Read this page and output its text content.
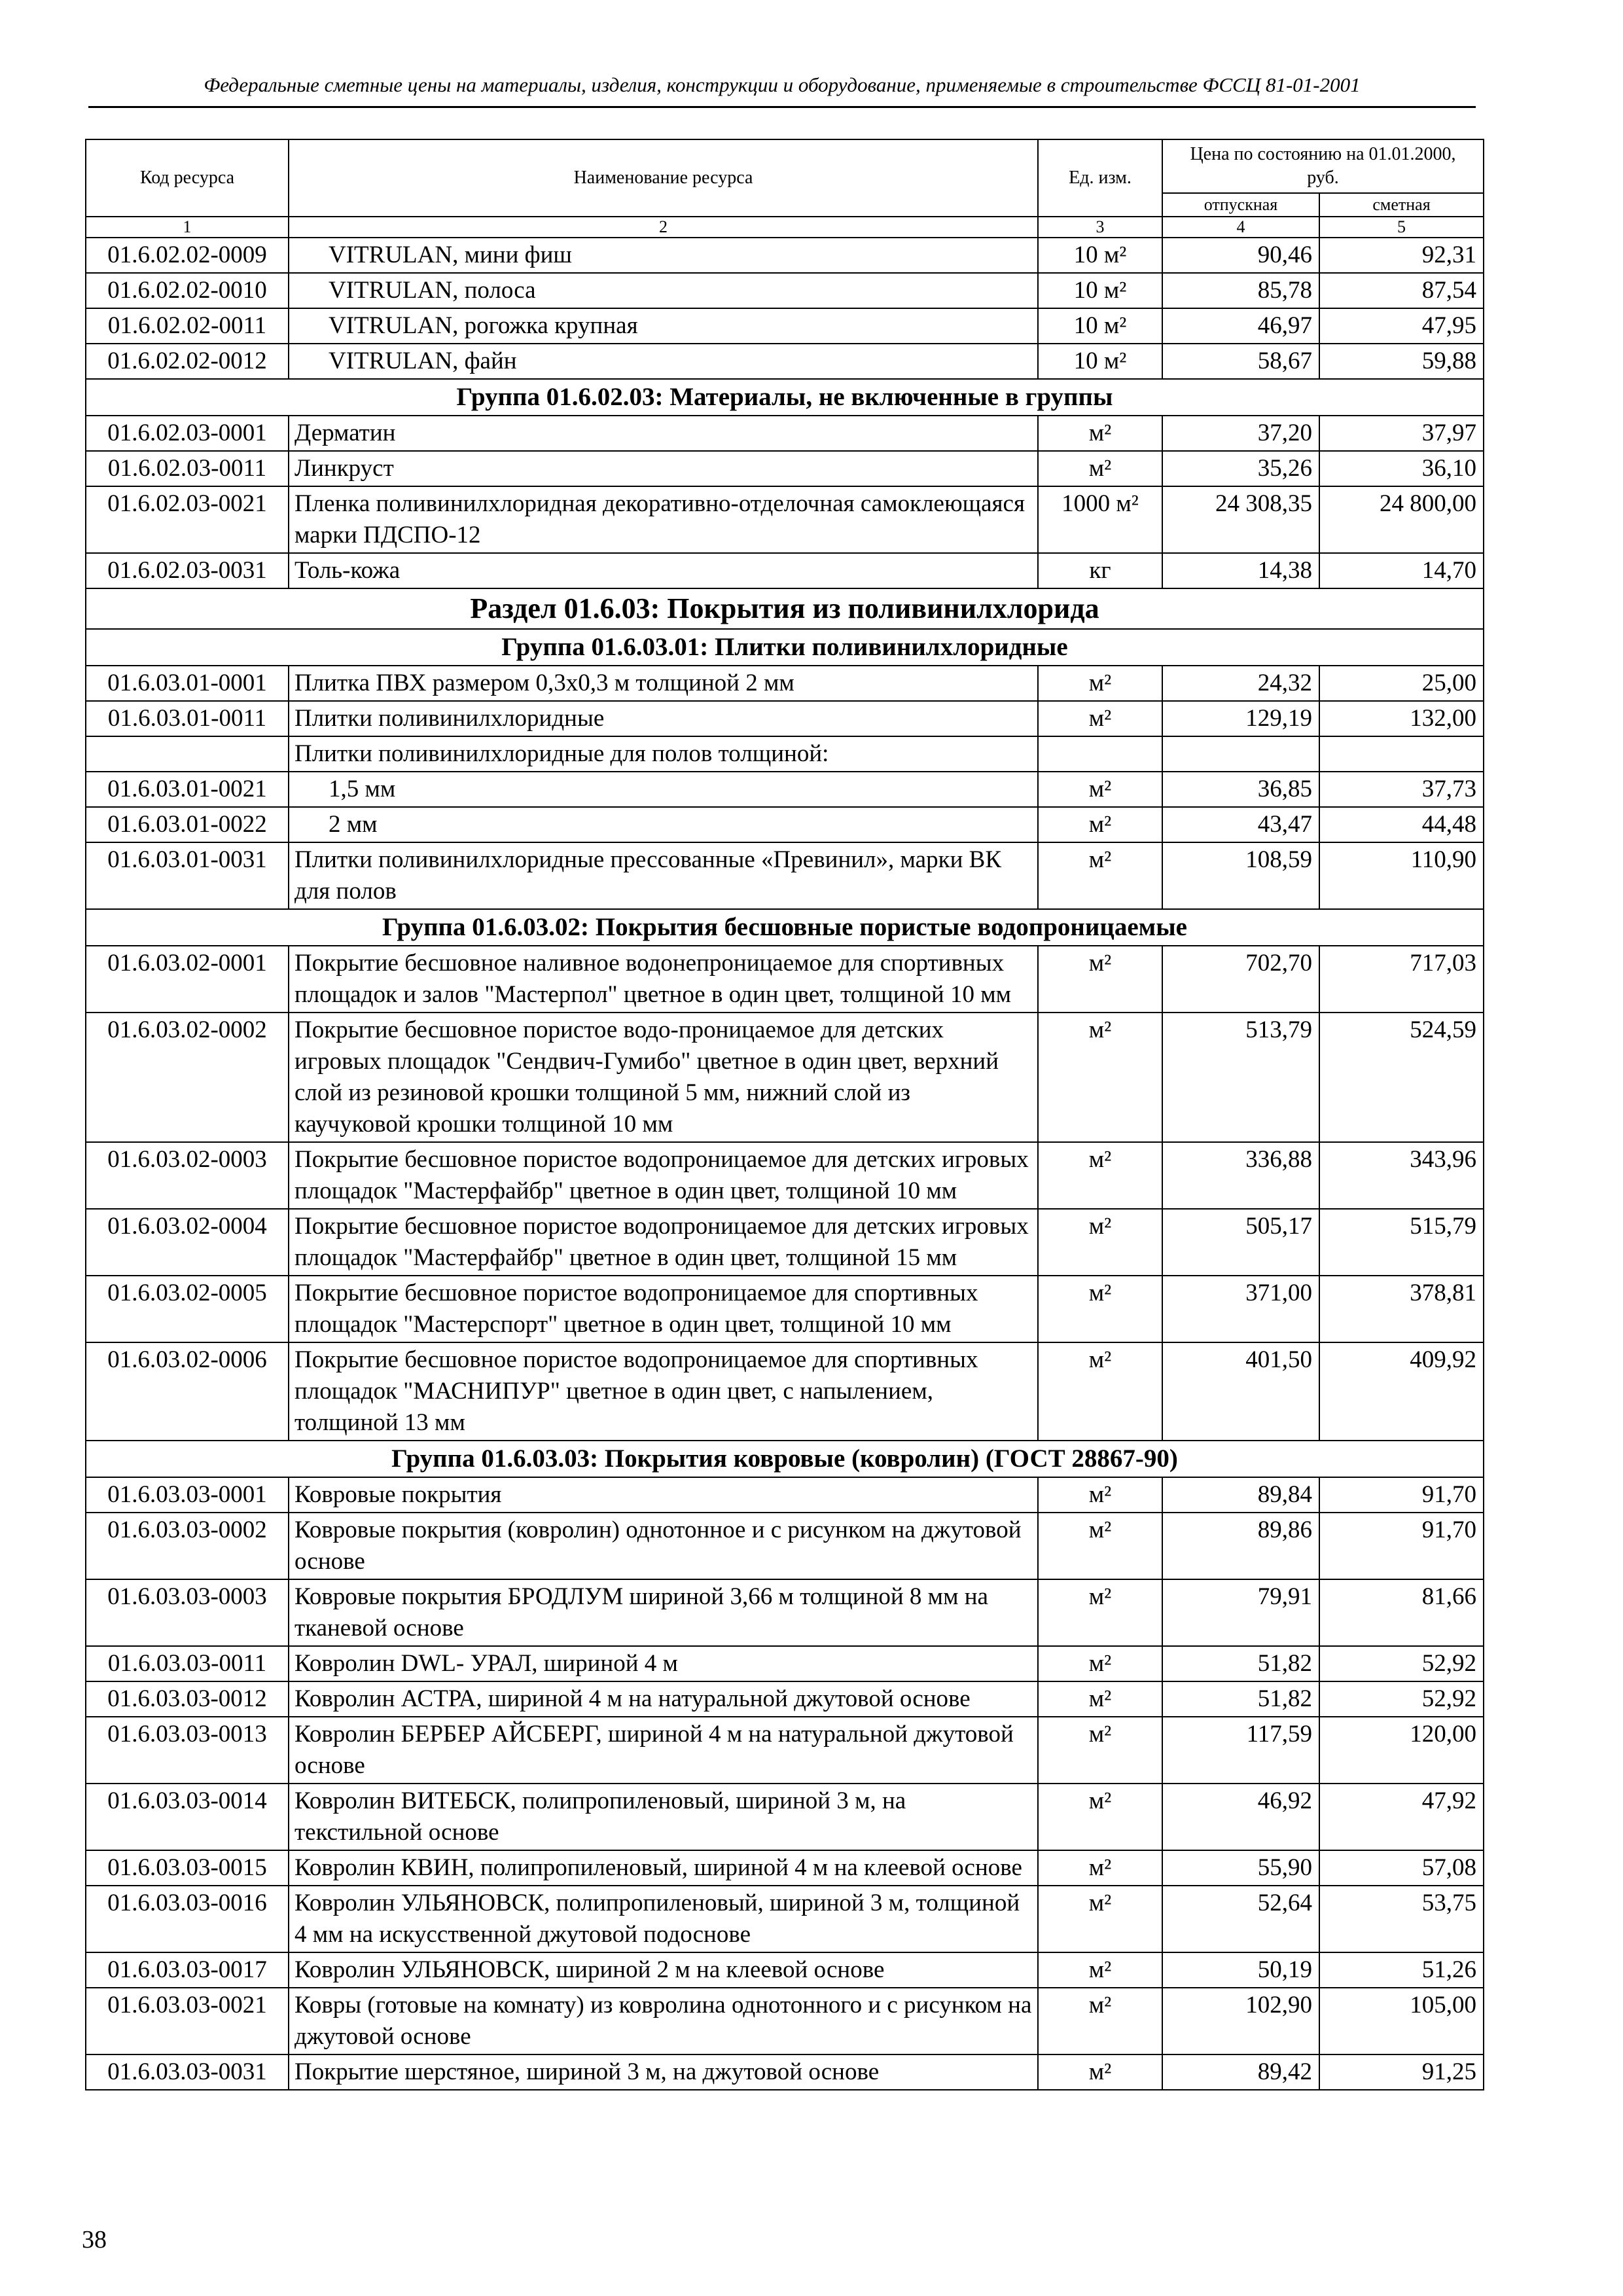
Федеральные сметные цены на материалы, изделия, конструкции и оборудование, применяемые в строительстве ФССЦ 81-01-2001
Код ресурса	Наименование ресурса	Ед. изм.	Цена по состоянию на 01.01.2000, руб.	
			отпускная	сметная
1	2	3	4	5
01.6.02.02-0009	VITRULAN, мини фиш	10 м²	90,46	92,31
01.6.02.02-0010	VITRULAN, полоса	10 м²	85,78	87,54
01.6.02.02-0011	VITRULAN, рогожка крупная	10 м²	46,97	47,95
01.6.02.02-0012	VITRULAN, файн	10 м²	58,67	59,88
Группа 01.6.02.03: Материалы, не включенные в группы				
01.6.02.03-0001	Дерматин	м²	37,20	37,97
01.6.02.03-0011	Линкруст	м²	35,26	36,10
01.6.02.03-0021	Пленка поливинилхлоридная декоративно-отделочная самоклеющаяся марки ПДСПО-12	1000 м²	24 308,35	24 800,00
01.6.02.03-0031	Толь-кожа	кг	14,38	14,70
Раздел 01.6.03: Покрытия из поливинилхлорида				
Группа 01.6.03.01: Плитки поливинилхлоридные				
01.6.03.01-0001	Плитка ПВХ размером 0,3х0,3 м толщиной 2 мм	м²	24,32	25,00
01.6.03.01-0011	Плитки поливинилхлоридные	м²	129,19	132,00
	Плитки поливинилхлоридные для полов толщиной:			
01.6.03.01-0021	1,5 мм	м²	36,85	37,73
01.6.03.01-0022	2 мм	м²	43,47	44,48
01.6.03.01-0031	Плитки поливинилхлоридные прессованные «Превинил», марки ВК для полов	м²	108,59	110,90
Группа 01.6.03.02: Покрытия бесшовные пористые водопроницаемые				
01.6.03.02-0001	Покрытие бесшовное наливное водонепроницаемое для спортивных площадок и залов "Мастерпол" цветное в один цвет, толщиной 10 мм	м²	702,70	717,03
01.6.03.02-0002	Покрытие бесшовное пористое водо-проницаемое для детских игровых площадок "Сендвич-Гумибо" цветное в один цвет, верхний слой из резиновой крошки толщиной 5 мм, нижний слой из каучуковой крошки толщиной 10 мм	м²	513,79	524,59
01.6.03.02-0003	Покрытие бесшовное пористое водопроницаемое для детских игровых площадок "Мастерфайбр" цветное в один цвет, толщиной 10 мм	м²	336,88	343,96
01.6.03.02-0004	Покрытие бесшовное пористое водопроницаемое для детских игровых площадок "Мастерфайбр" цветное в один цвет, толщиной 15 мм	м²	505,17	515,79
01.6.03.02-0005	Покрытие бесшовное пористое водопроницаемое для спортивных площадок "Мастерспорт" цветное в один цвет, толщиной 10 мм	м²	371,00	378,81
01.6.03.02-0006	Покрытие бесшовное пористое водопроницаемое для спортивных площадок "МАСНИПУР" цветное в один цвет, с напылением, толщиной 13 мм	м²	401,50	409,92
Группа 01.6.03.03: Покрытия ковровые (ковролин) (ГОСТ 28867-90)				
01.6.03.03-0001	Ковровые покрытия	м²	89,84	91,70
01.6.03.03-0002	Ковровые покрытия (ковролин) однотонное и с рисунком на джутовой основе	м²	89,86	91,70
01.6.03.03-0003	Ковровые покрытия БРОДЛУМ шириной 3,66 м толщиной 8 мм на тканевой основе	м²	79,91	81,66
01.6.03.03-0011	Ковролин DWL- УРАЛ, шириной 4 м	м²	51,82	52,92
01.6.03.03-0012	Ковролин АСТРА, шириной 4 м на натуральной джутовой основе	м²	51,82	52,92
01.6.03.03-0013	Ковролин БЕРБЕР АЙСБЕРГ, шириной 4 м на натуральной джутовой основе	м²	117,59	120,00
01.6.03.03-0014	Ковролин ВИТЕБСК, полипропиленовый, шириной 3 м, на текстильной основе	м²	46,92	47,92
01.6.03.03-0015	Ковролин КВИН, полипропиленовый, шириной 4 м на клеевой основе	м²	55,90	57,08
01.6.03.03-0016	Ковролин УЛЬЯНОВСК, полипропиленовый, шириной 3 м, толщиной 4 мм на искусственной джутовой подоснове	м²	52,64	53,75
01.6.03.03-0017	Ковролин УЛЬЯНОВСК, шириной 2 м на клеевой основе	м²	50,19	51,26
01.6.03.03-0021	Ковры (готовые на комнату) из ковролина однотонного и с рисунком на джутовой основе	м²	102,90	105,00
01.6.03.03-0031	Покрытие шерстяное, шириной 3 м, на джутовой основе	м²	89,42	91,25
38
